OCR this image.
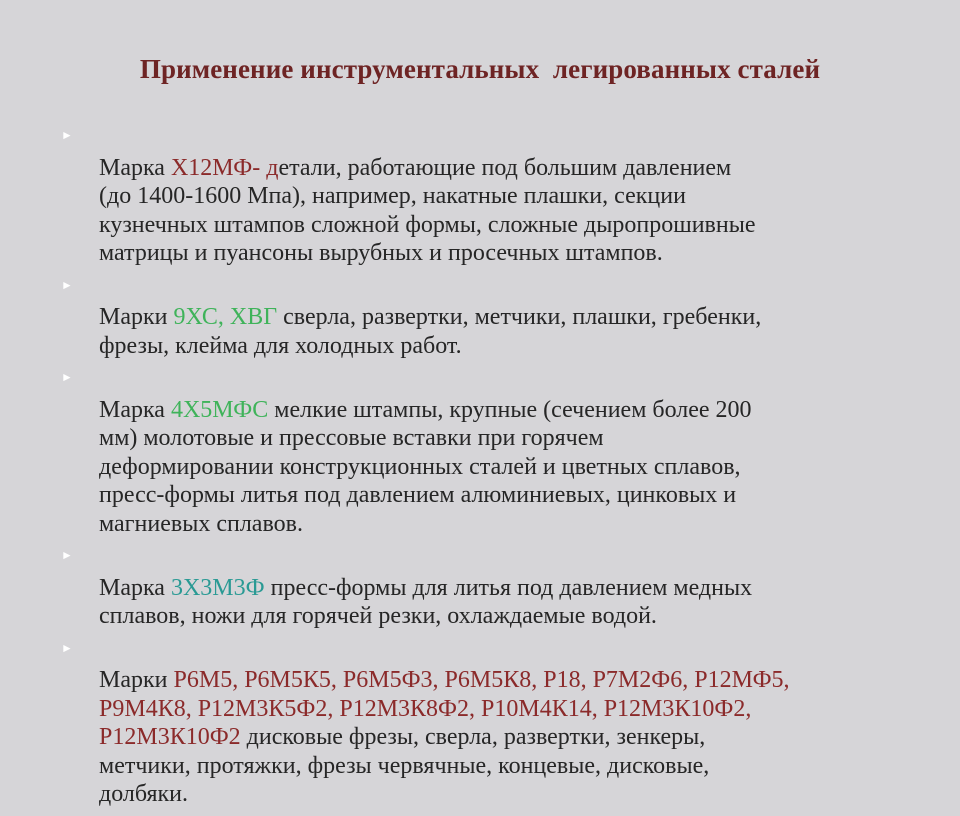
Применение инструментальных  легированных сталей

►
Марка Х12МФ- детали, работающие под большим давлением
(до 1400-1600 Мпа), например, накатные плашки, секции
кузнечных штампов сложной формы, сложные дыропрошивные
матрицы и пуансоны вырубных и просечных штампов.

►
Марки 9ХС, ХВГ сверла, развертки, метчики, плашки, гребенки,
фрезы, клейма для холодных работ.

►
Марка 4Х5МФС мелкие штампы, крупные (сечением более 200
мм) молотовые и прессовые вставки при горячем
деформировании конструкционных сталей и цветных сплавов,
пресс-формы литья под давлением алюминиевых, цинковых и
магниевых сплавов.

►
Марка 3Х3М3Ф пресс-формы для литья под давлением медных
сплавов, ножи для горячей резки, охлаждаемые водой.

►
Марки Р6М5, Р6М5К5, Р6М5Ф3, Р6М5К8, Р18, Р7М2Ф6, Р12МФ5,
Р9М4К8, Р12М3К5Ф2, Р12М3К8Ф2, Р10М4К14, Р12М3К10Ф2,
Р12М3К10Ф2 дисковые фрезы, сверла, развертки, зенкеры,
метчики, протяжки, фрезы червячные, концевые, дисковые,
долбяки.
